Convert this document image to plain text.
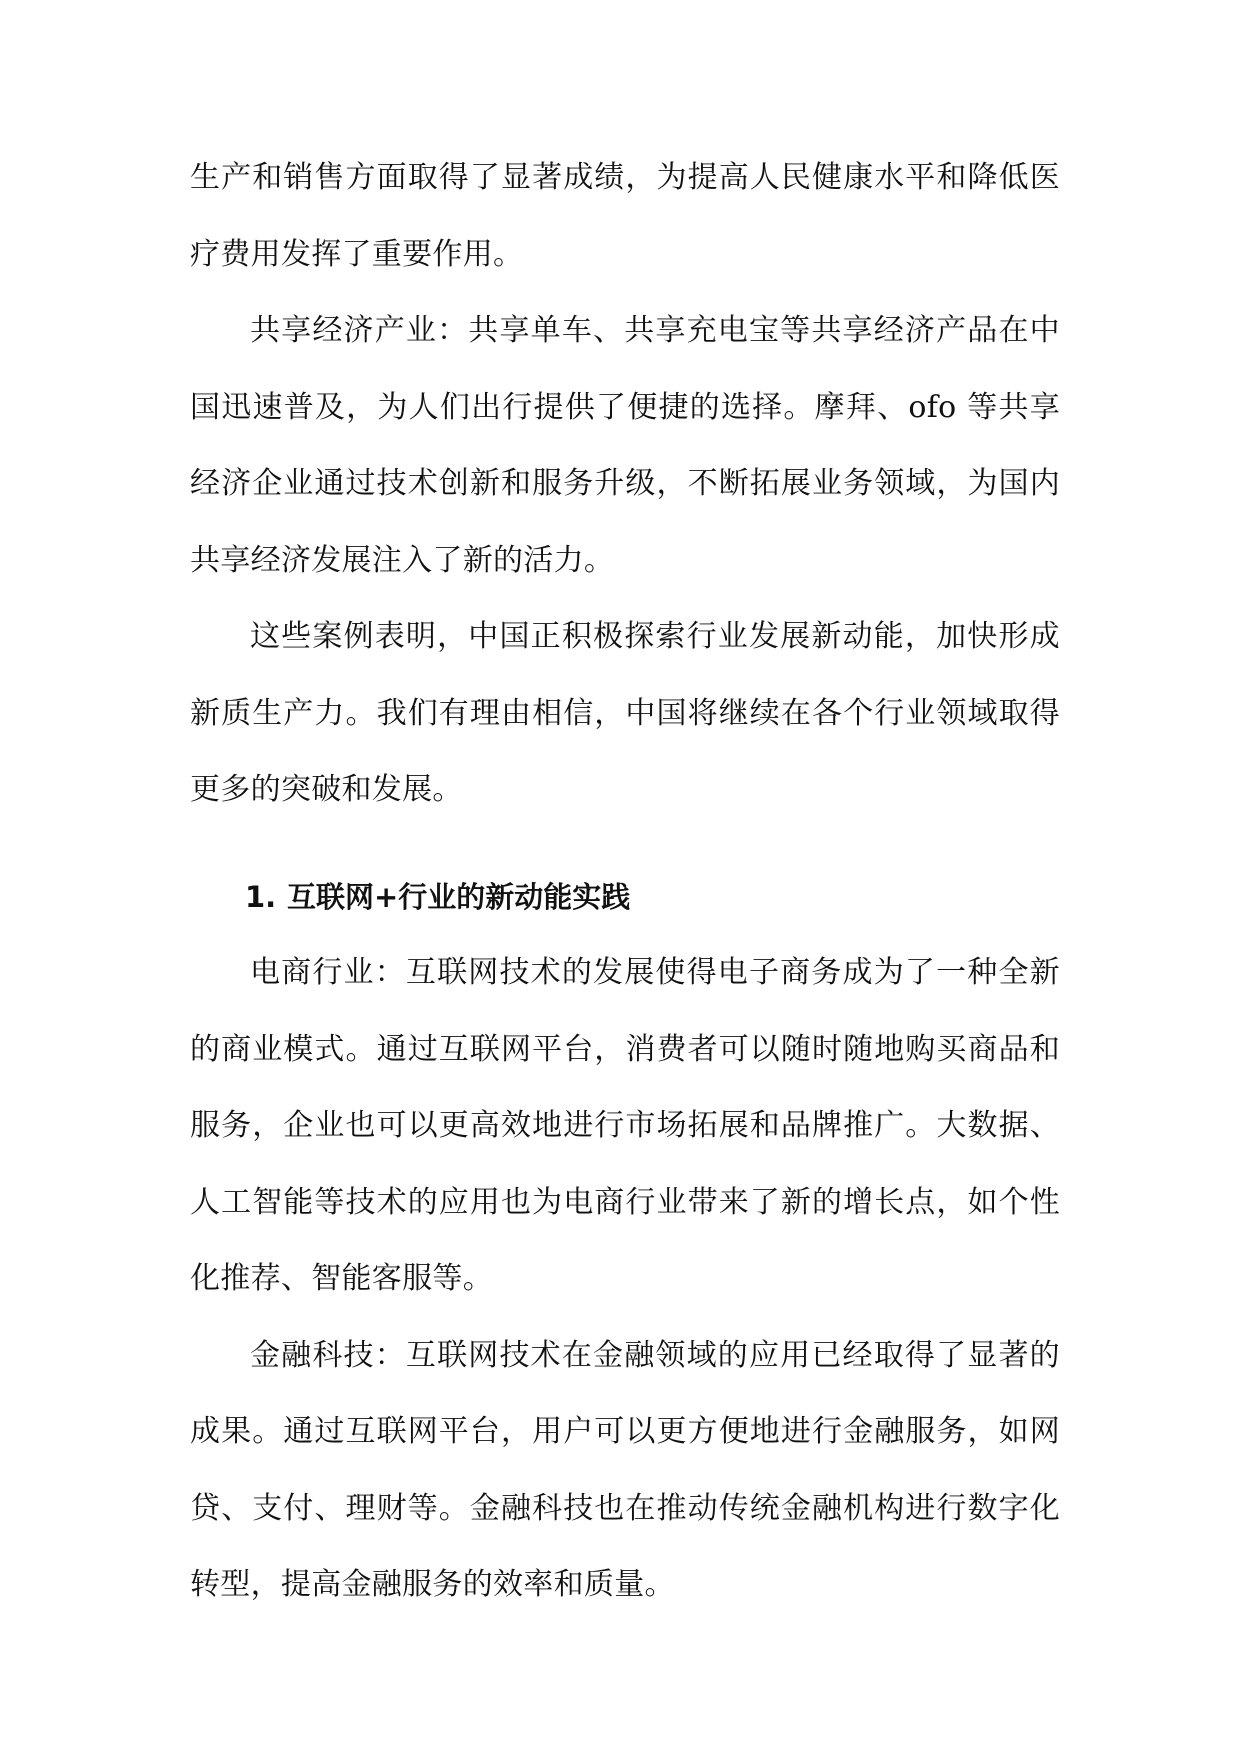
生产和销售方面取得了显著成绩，为提高人民健康水平和降低医疗费用发挥了重要作用。

共享经济产业：共享单车、共享充电宝等共享经济产品在中国迅速普及，为人们出行提供了便捷的选择。摩拜、ofo 等共享经济企业通过技术创新和服务升级，不断拓展业务领域，为国内共享经济发展注入了新的活力。

这些案例表明，中国正积极探索行业发展新动能，加快形成新质生产力。我们有理由相信，中国将继续在各个行业领域取得更多的突破和发展。

1. 互联网+行业的新动能实践

电商行业：互联网技术的发展使得电子商务成为了一种全新的商业模式。通过互联网平台，消费者可以随时随地购买商品和服务，企业也可以更高效地进行市场拓展和品牌推广。大数据、人工智能等技术的应用也为电商行业带来了新的增长点，如个性化推荐、智能客服等。

金融科技：互联网技术在金融领域的应用已经取得了显著的成果。通过互联网平台，用户可以更方便地进行金融服务，如网贷、支付、理财等。金融科技也在推动传统金融机构进行数字化转型，提高金融服务的效率和质量。
